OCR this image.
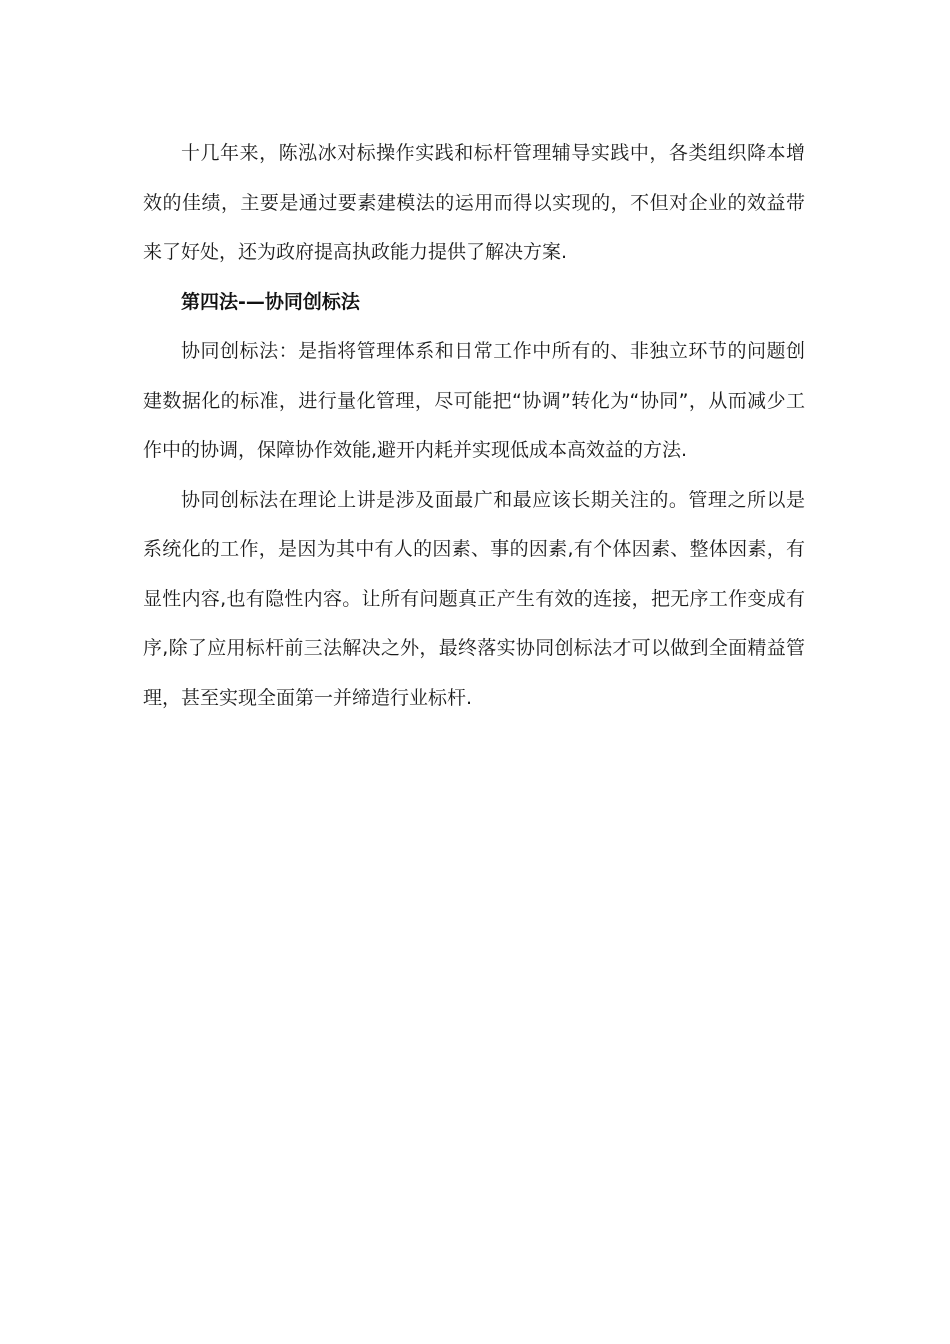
十几年来，陈泓冰对标操作实践和标杆管理辅导实践中，各类组织降本增效的佳绩，主要是通过要素建模法的运用而得以实现的，不但对企业的效益带来了好处，还为政府提高执政能力提供了解决方案.

第四法-—协同创标法

协同创标法：是指将管理体系和日常工作中所有的、非独立环节的问题创建数据化的标准，进行量化管理，尽可能把“协调”转化为“协同”，从而减少工作中的协调，保障协作效能,避开内耗并实现低成本高效益的方法.

协同创标法在理论上讲是涉及面最广和最应该长期关注的。管理之所以是系统化的工作，是因为其中有人的因素、事的因素,有个体因素、整体因素，有显性内容,也有隐性内容。让所有问题真正产生有效的连接，把无序工作变成有序,除了应用标杆前三法解决之外，最终落实协同创标法才可以做到全面精益管理，甚至实现全面第一并缔造行业标杆.
